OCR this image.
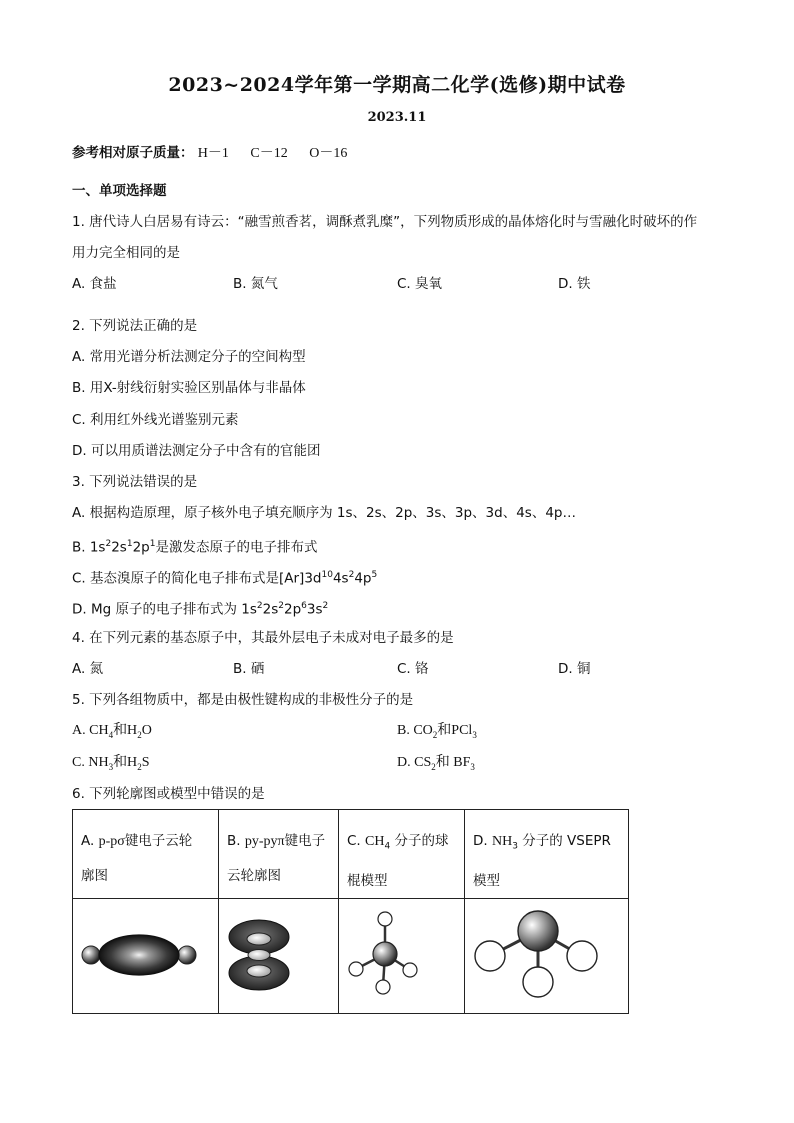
2023~2024学年第一学期高二化学(选修)期中试卷
2023.11
参考相对原子质量： H－1 C－12 O－16
一、单项选择题
1. 唐代诗人白居易有诗云：“融雪煎香茗，调酥煮乳糜”，下列物质形成的晶体熔化时与雪融化时破坏的作
用力完全相同的是
A. 食盐	B. 氮气	C. 臭氧	D. 铁
2. 下列说法正确的是
A. 常用光谱分析法测定分子的空间构型
B. 用X-射线衍射实验区别晶体与非晶体
C. 利用红外线光谱鉴别元素
D. 可以用质谱法测定分子中含有的官能团
3. 下列说法错误的是
A. 根据构造原理，原子核外电子填充顺序为 1s、2s、2p、3s、3p、3d、4s、4p…
B. $1s^22s^12p^1$是激发态原子的电子排布式
C. 基态溴原子的简化电子排布式是$[Ar]3d^{10}4s^24p^5$
D. Mg 原子的电子排布式为 $1s^22s^22p^63s^2$
4. 在下列元素的基态原子中，其最外层电子未成对电子最多的是
A. 氮	B. 硒	C. 铬	D. 铜
5. 下列各组物质中，都是由极性键构成的非极性分子的是
A. $CH_4$和$H_2O$	B. $CO_2$和PCl$_3$
C. $NH_3$和$H_2S$	D. $CS_2$和 $BF_3$
6. 下列轮廓图或模型中错误的是
A. p-pσ键电子云轮
廓图	B. py-pyπ键电子
云轮廓图	C. $CH_4$ 分子的球
棍模型	D. $NH_3$ 分子的 VSEPR
模型
